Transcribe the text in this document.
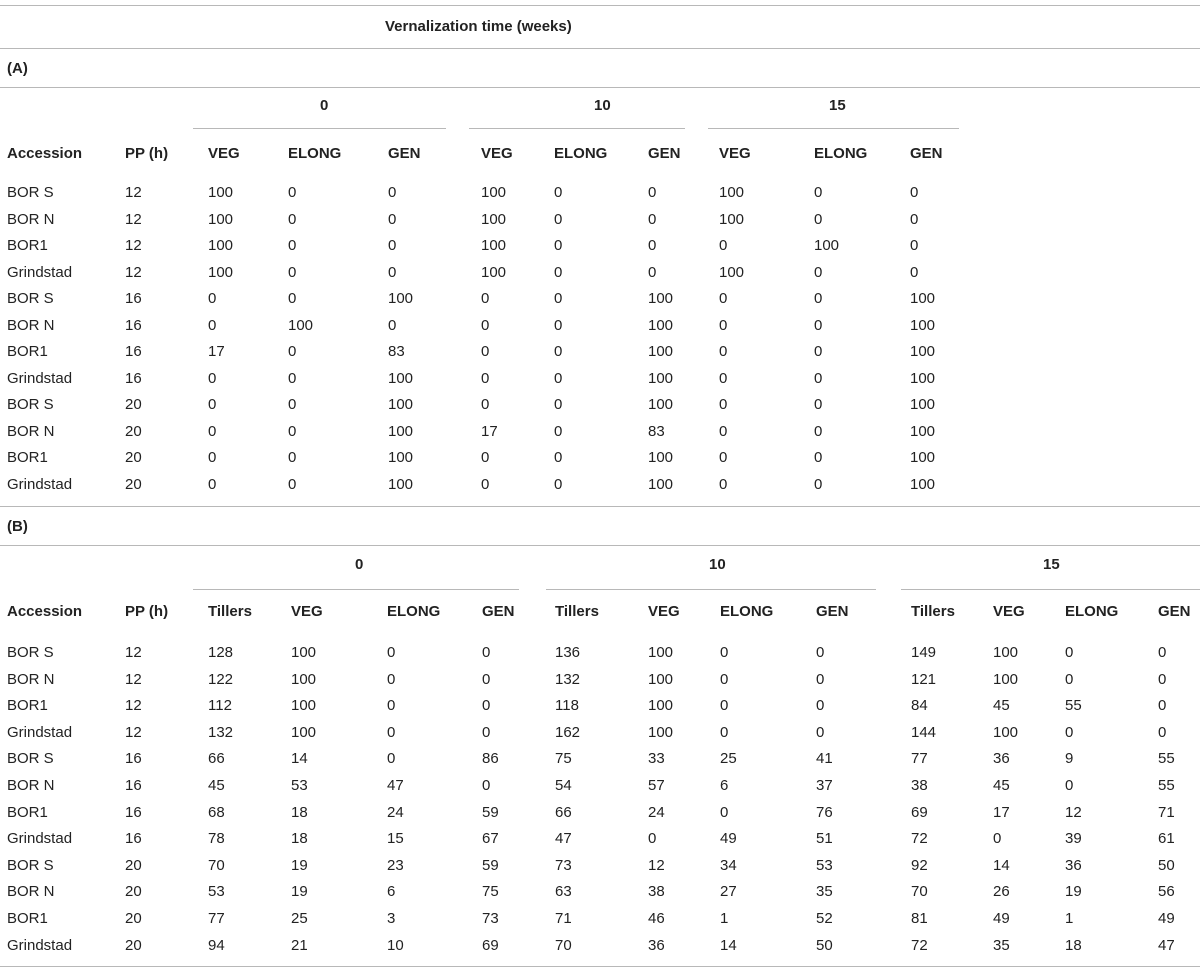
Vernalization time (weeks)
(A)
0	10	15
Accession	PP (h)	VEG	ELONG	GEN	VEG	ELONG	GEN	VEG	ELONG	GEN
BOR S	12	100	0	0	100	0	0	100	0	0
BOR N	12	100	0	0	100	0	0	100	0	0
BOR1	12	100	0	0	100	0	0	0	100	0
Grindstad	12	100	0	0	100	0	0	100	0	0
BOR S	16	0	0	100	0	0	100	0	0	100
BOR N	16	0	100	0	0	0	100	0	0	100
BOR1	16	17	0	83	0	0	100	0	0	100
Grindstad	16	0	0	100	0	0	100	0	0	100
BOR S	20	0	0	100	0	0	100	0	0	100
BOR N	20	0	0	100	17	0	83	0	0	100
BOR1	20	0	0	100	0	0	100	0	0	100
Grindstad	20	0	0	100	0	0	100	0	0	100
(B)
0	10	15
Accession	PP (h)	Tillers	VEG	ELONG	GEN	Tillers	VEG	ELONG	GEN	Tillers	VEG	ELONG	GEN
BOR S	12	128	100	0	0	136	100	0	0	149	100	0	0
BOR N	12	122	100	0	0	132	100	0	0	121	100	0	0
BOR1	12	112	100	0	0	118	100	0	0	84	45	55	0
Grindstad	12	132	100	0	0	162	100	0	0	144	100	0	0
BOR S	16	66	14	0	86	75	33	25	41	77	36	9	55
BOR N	16	45	53	47	0	54	57	6	37	38	45	0	55
BOR1	16	68	18	24	59	66	24	0	76	69	17	12	71
Grindstad	16	78	18	15	67	47	0	49	51	72	0	39	61
BOR S	20	70	19	23	59	73	12	34	53	92	14	36	50
BOR N	20	53	19	6	75	63	38	27	35	70	26	19	56
BOR1	20	77	25	3	73	71	46	1	52	81	49	1	49
Grindstad	20	94	21	10	69	70	36	14	50	72	35	18	47
